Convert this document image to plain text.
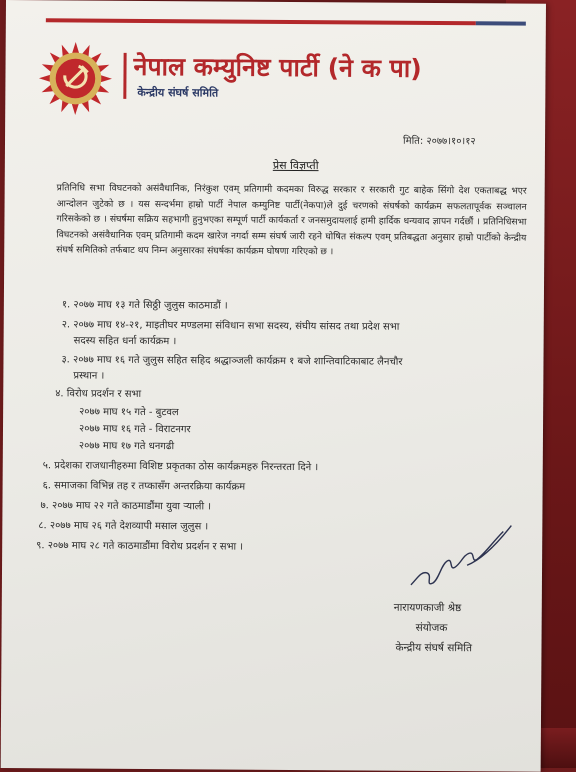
नेपाल कम्युनिष्ट पार्टी (ने क पा)
केन्द्रीय संघर्ष समिति
मिति: २०७७।१०।१२
प्रेस विज्ञप्ती
प्रतिनिधि सभा विघटनको असंवैधानिक, निरंकुश एवम् प्रतिगामी कदमका विरुद्ध सरकार र सरकारी गुट बाहेक सिंगो देश एकताबद्ध भएर आन्दोलन जुटेको छ । यस सन्दर्भमा हाम्रो पार्टी नेपाल कम्युनिष्ट पार्टी(नेकपा)ले दुई चरणको संघर्षको कार्यक्रम सफलतापूर्वक सञ्चालन गरिसकेको छ । संघर्षमा सक्रिय सहभागी हुनुभएका सम्पूर्ण पार्टी कार्यकर्ता र जनसमुदायलाई हामी हार्दिक धन्यवाद ज्ञापन गर्दछौं । प्रतिनिधिसभा विघटनको असंवैधानिक एवम् प्रतिगामी कदम खारेज नगर्दा सम्म संघर्ष जारी रहने घोषित संकल्प एवम् प्रतिबद्धता अनुसार हाम्रो पार्टीको केन्द्रीय संघर्ष समितिको तर्फबाट थप निम्न अनुसारका संघर्षका कार्यक्रम घोषणा गरिएको छ ।
१. २०७७ माघ १३ गते सिठ्ठी जुलुस काठमाडौं ।
२. २०७७ माघ १४-२१, माइतीघर मण्डलमा संविधान सभा सदस्य, संघीय सांसद तथा प्रदेश सभा
सदस्य सहित धर्ना कार्यक्रम ।
३. २०७७ माघ १६ गते जुलुस सहित सहिद श्रद्धाञ्जली कार्यक्रम १ बजे शान्तिवाटिकाबाट लैनचौर
प्रस्थान ।
४. विरोध प्रदर्शन र सभा
२०७७ माघ १५ गते - बुटवल
२०७७ माघ १६ गते - विराटनगर
२०७७ माघ १७ गते धनगढी
५. प्रदेशका राजधानीहरुमा विशिष्ट प्रकृतका ठोस कार्यक्रमहरु निरन्तरता दिने ।
६. समाजका विभिन्न तह र तप्कासँग अन्तरक्रिया कार्यक्रम
७. २०७७ माघ २२ गते काठमाडौंमा युवा र्‍याली ।
८. २०७७ माघ २६ गते देशव्यापी मसाल जुलुस ।
९. २०७७ माघ २८ गते काठमाडौंमा विरोध प्रदर्शन र सभा ।
नारायणकाजी श्रेष्ठ
संयोजक
केन्द्रीय संघर्ष समिति
